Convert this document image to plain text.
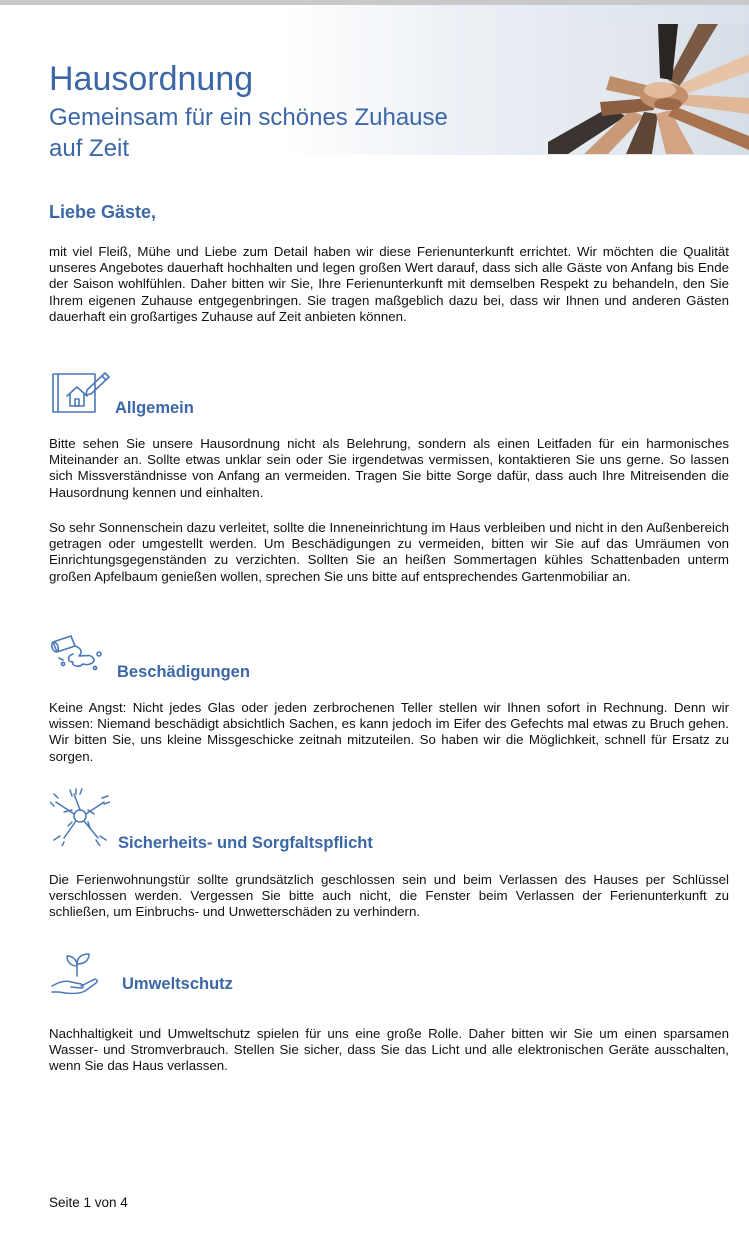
Hausordnung
Gemeinsam für ein schönes Zuhause auf Zeit
Liebe Gäste,
mit viel Fleiß, Mühe und Liebe zum Detail haben wir diese Ferienunterkunft errichtet. Wir möchten die Qualität unseres Angebotes dauerhaft hochhalten und legen großen Wert darauf, dass sich alle Gäste von Anfang bis Ende der Saison wohlfühlen. Daher bitten wir Sie, Ihre Ferienunterkunft mit demselben Respekt zu behandeln, den Sie Ihrem eigenen Zuhause entgegenbringen. Sie tragen maßgeblich dazu bei, dass wir Ihnen und anderen Gästen dauerhaft ein großartiges Zuhause auf Zeit anbieten können.
Allgemein
Bitte sehen Sie unsere Hausordnung nicht als Belehrung, sondern als einen Leitfaden für ein harmonisches Miteinander an. Sollte etwas unklar sein oder Sie irgendetwas vermissen, kontaktieren Sie uns gerne. So lassen sich Missverständnisse von Anfang an vermeiden. Tragen Sie bitte Sorge dafür, dass auch Ihre Mitreisenden die Hausordnung kennen und einhalten.
So sehr Sonnenschein dazu verleitet, sollte die Inneneinrichtung im Haus verbleiben und nicht in den Außenbereich getragen oder umgestellt werden. Um Beschädigungen zu vermeiden, bitten wir Sie auf das Umräumen von Einrichtungsgegenständen zu verzichten. Sollten Sie an heißen Sommertagen kühles Schattenbaden unterm großen Apfelbaum genießen wollen, sprechen Sie uns bitte auf entsprechendes Gartenmobiliar an.
Beschädigungen
Keine Angst: Nicht jedes Glas oder jeden zerbrochenen Teller stellen wir Ihnen sofort in Rechnung. Denn wir wissen: Niemand beschädigt absichtlich Sachen, es kann jedoch im Eifer des Gefechts mal etwas zu Bruch gehen. Wir bitten Sie, uns kleine Missgeschicke zeitnah mitzuteilen. So haben wir die Möglichkeit, schnell für Ersatz zu sorgen.
Sicherheits- und Sorgfaltspflicht
Die Ferienwohnungstür sollte grundsätzlich geschlossen sein und beim Verlassen des Hauses per Schlüssel verschlossen werden. Vergessen Sie bitte auch nicht, die Fenster beim Verlassen der Ferienunterkunft zu schließen, um Einbruchs- und Unwetterschäden zu verhindern.
Umweltschutz
Nachhaltigkeit und Umweltschutz spielen für uns eine große Rolle. Daher bitten wir Sie um einen sparsamen Wasser- und Stromverbrauch. Stellen Sie sicher, dass Sie das Licht und alle elektronischen Geräte ausschalten, wenn Sie das Haus verlassen.
Seite 1 von 4
